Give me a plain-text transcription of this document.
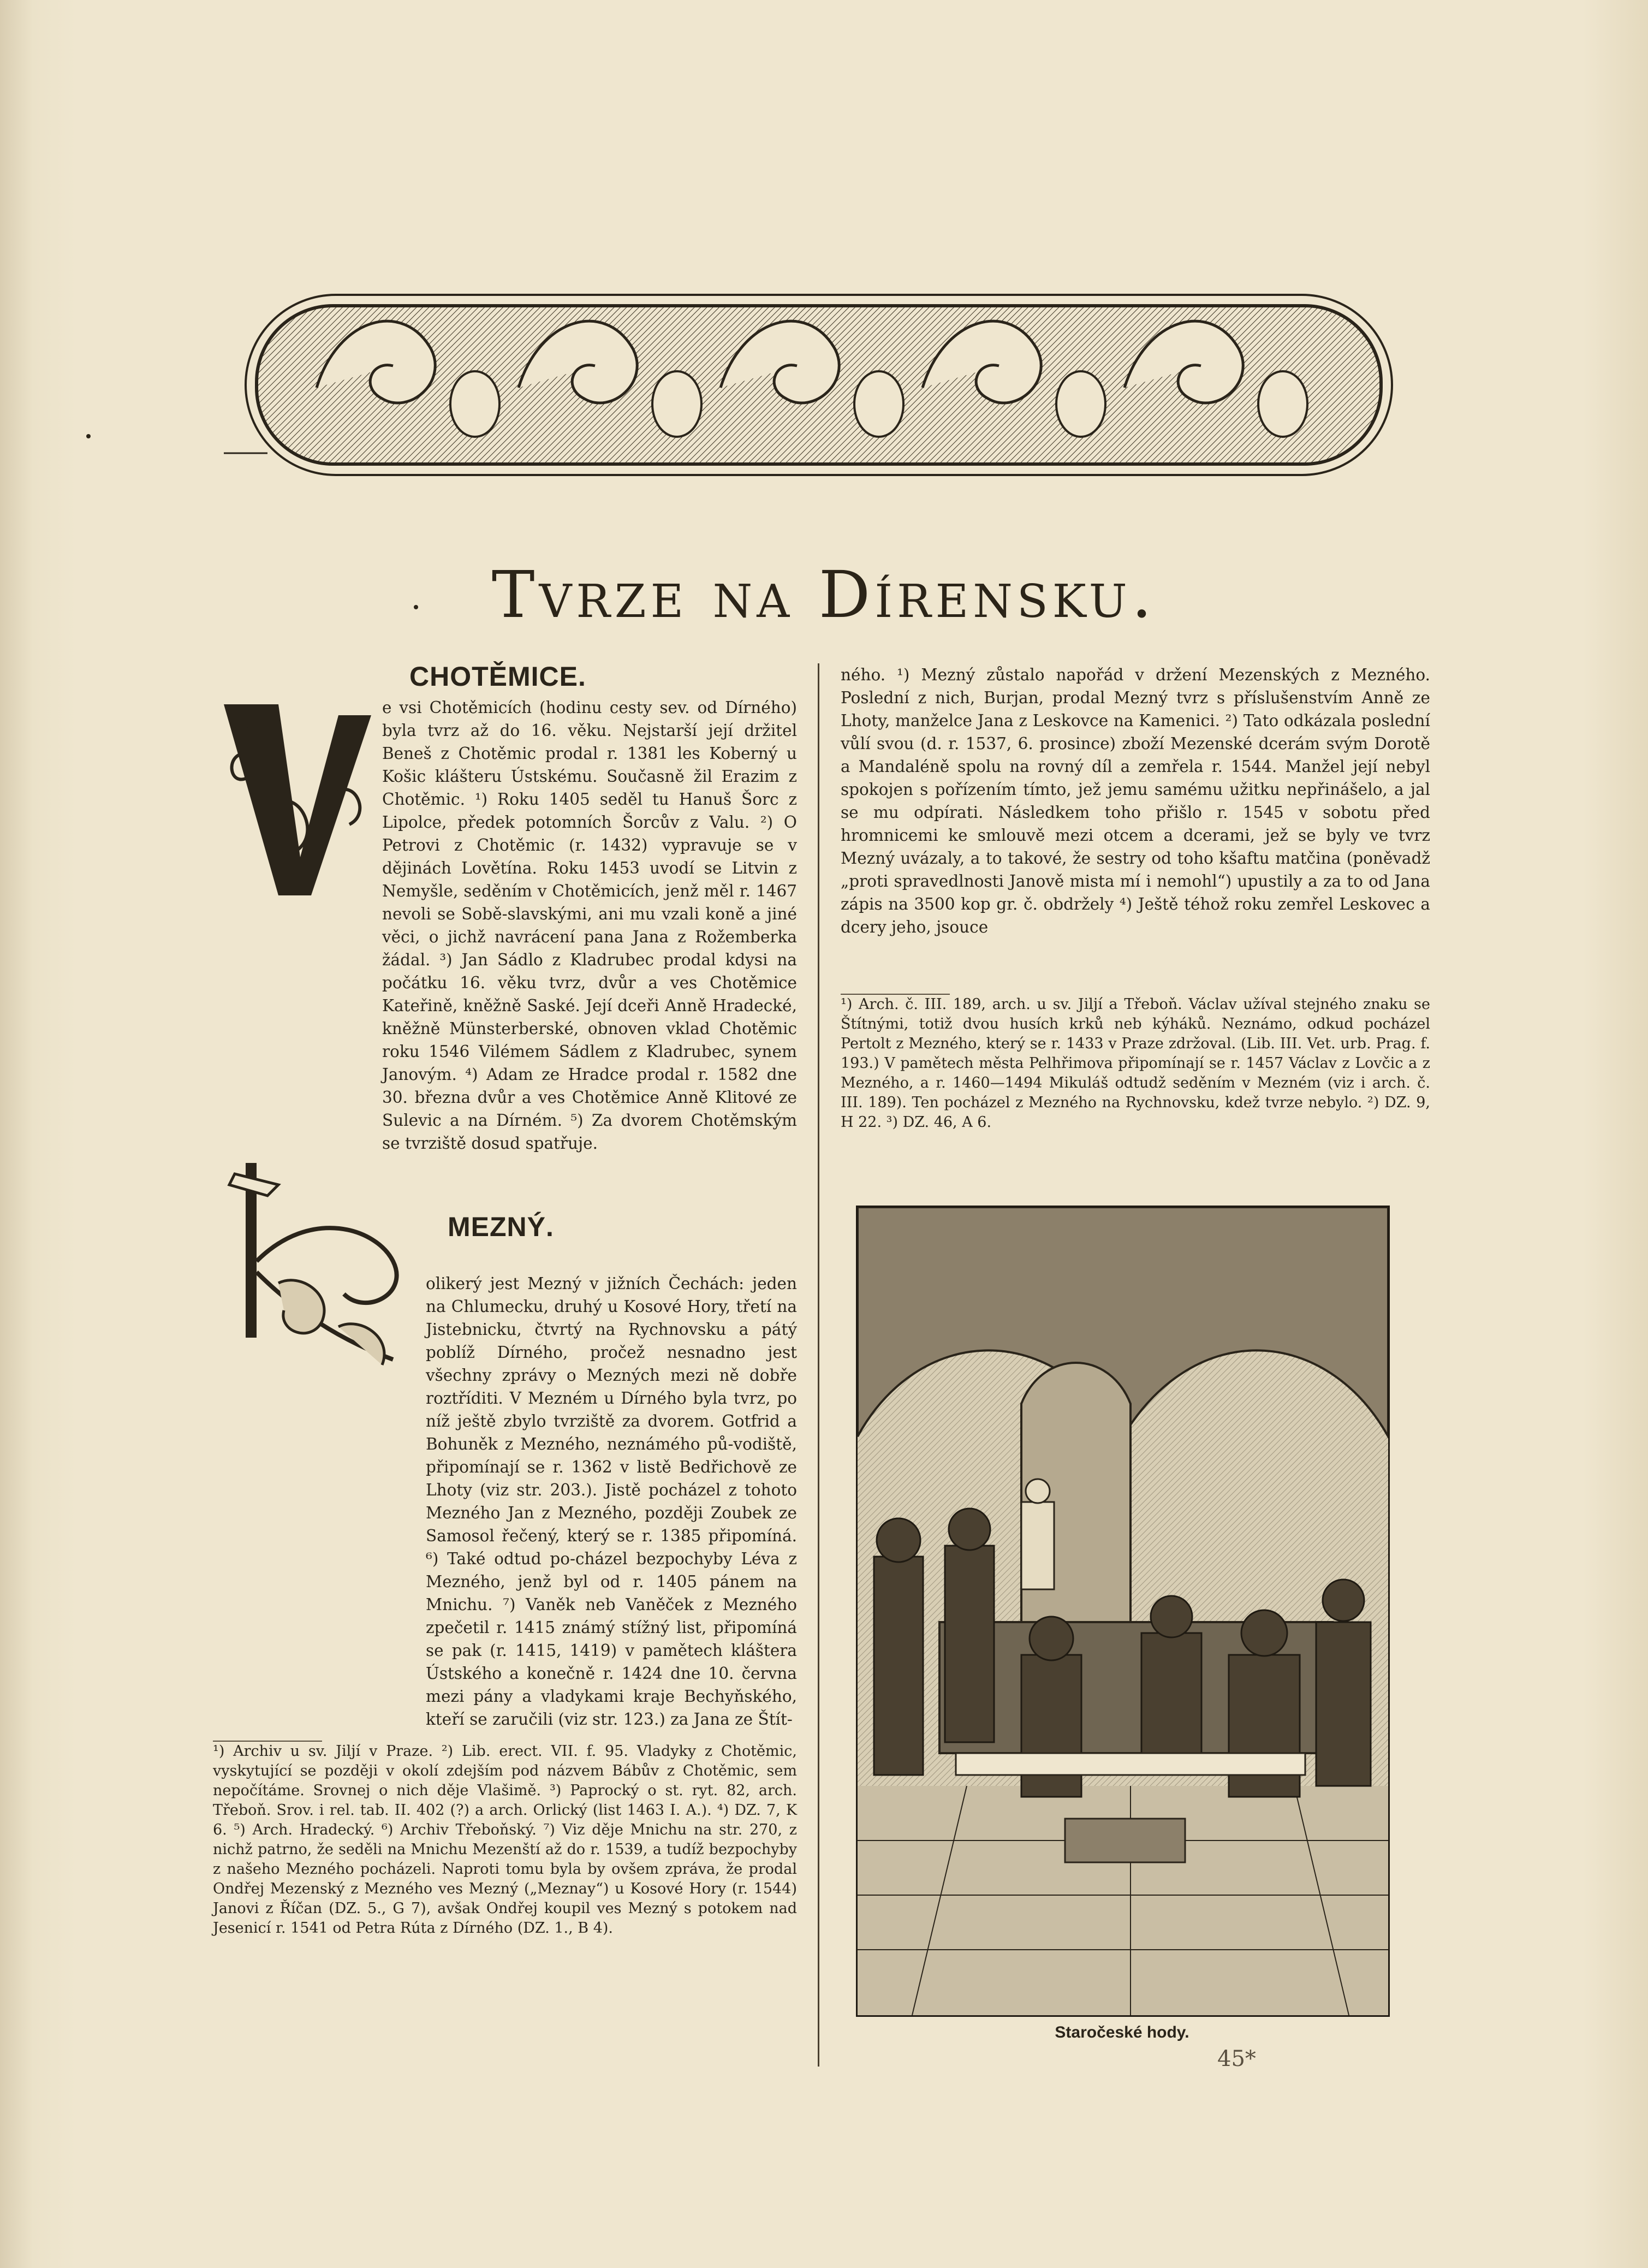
Tvrze na Dírensku.
CHOTĚMICE.
e vsi Chotěmicích (hodinu cesty sev. od Dírného) byla tvrz až do 16. věku. Nejstarší její držitel Beneš z Chotěmic prodal r. 1381 les Koberný u Košic klášteru Ústskému. Současně žil Erazim z Chotěmic. ¹) Roku 1405 seděl tu Hanuš Šorc z Lipolce, předek potomních Šorcův z Valu. ²) O Petrovi z Chotěmic (r. 1432) vypravuje se v dějinách Lovětína. Roku 1453 uvodí se Litvin z Nemyšle, seděním v Chotěmicích, jenž měl r. 1467 nevoli se Sobě-slavskými, ani mu vzali koně a jiné věci, o jichž navrácení pana Jana z Rožemberka žádal. ³) Jan Sádlo z Kladrubec prodal kdysi na počátku 16. věku tvrz, dvůr a ves Chotěmice Kateřině, kněžně Saské. Její dceři Anně Hradecké, kněžně Münsterberské, obnoven vklad Chotěmic roku 1546 Vilémem Sádlem z Kladrubec, synem Janovým. ⁴) Adam ze Hradce prodal r. 1582 dne 30. března dvůr a ves Chotěmice Anně Klitové ze Sulevic a na Dírném. ⁵) Za dvorem Chotěmským se tvrziště dosud spatřuje.
MEZNÝ.
olikerý jest Mezný v jižních Čechách: jeden na Chlumecku, druhý u Kosové Hory, třetí na Jistebnicku, čtvrtý na Rychnovsku a pátý poblíž Dírného, pročež nesnadno jest všechny zprávy o Mezných mezi ně dobře roztříditi. V Mezném u Dírného byla tvrz, po níž ještě zbylo tvrziště za dvorem. Gotfrid a Bohuněk z Mezného, neznámého pů-vodiště, připomínají se r. 1362 v listě Bedřichově ze Lhoty (viz str. 203.). Jistě pocházel z tohoto Mezného Jan z Mezného, později Zoubek ze Samosol řečený, který se r. 1385 připomíná. ⁶) Také odtud po-cházel bezpochyby Léva z Mezného, jenž byl od r. 1405 pánem na Mnichu. ⁷) Vaněk neb Vaněček z Mezného zpečetil r. 1415 známý stížný list, připomíná se pak (r. 1415, 1419) v pamětech kláštera Ústského a konečně r. 1424 dne 10. června mezi pány a vladykami kraje Bechyňského, kteří se zaručili (viz str. 123.) za Jana ze Štít-
¹) Archiv u sv. Jiljí v Praze. ²) Lib. erect. VII. f. 95. Vladyky z Chotěmic, vyskytující se později v okolí zdejším pod názvem Bábův z Chotěmic, sem nepočítáme. Srovnej o nich děje Vlašimě. ³) Paprocký o st. ryt. 82, arch. Třeboň. Srov. i rel. tab. II. 402 (?) a arch. Orlický (list 1463 I. A.). ⁴) DZ. 7, K 6. ⁵) Arch. Hradecký. ⁶) Archiv Třeboňský. ⁷) Viz děje Mnichu na str. 270, z nichž patrno, že seděli na Mnichu Mezenští až do r. 1539, a tudíž bezpochyby z našeho Mezného pocházeli. Naproti tomu byla by ovšem zpráva, že prodal Ondřej Mezenský z Mezného ves Mezný („Meznay“) u Kosové Hory (r. 1544) Janovi z Říčan (DZ. 5., G 7), avšak Ondřej koupil ves Mezný s potokem nad Jesenicí r. 1541 od Petra Rúta z Dírného (DZ. 1., B 4).
ného. ¹) Mezný zůstalo napořád v držení Mezenských z Mezného. Poslední z nich, Burjan, prodal Mezný tvrz s příslušenstvím Anně ze Lhoty, manželce Jana z Leskovce na Kamenici. ²) Tato odkázala poslední vůlí svou (d. r. 1537, 6. prosince) zboží Mezenské dcerám svým Dorotě a Mandaléně spolu na rovný díl a zemřela r. 1544. Manžel její nebyl spokojen s pořízením tímto, jež jemu samému užitku nepřinášelo, a jal se mu odpírati. Následkem toho přišlo r. 1545 v sobotu před hromnicemi ke smlouvě mezi otcem a dcerami, jež se byly ve tvrz Mezný uvázaly, a to takové, že sestry od toho kšaftu matčina (poněvadž „proti spravedlnosti Janově mista mí i nemohl“) upustily a za to od Jana zápis na 3500 kop gr. č. obdržely ⁴) Ještě téhož roku zemřel Leskovec a dcery jeho, jsouce
¹) Arch. č. III. 189, arch. u sv. Jiljí a Třeboň. Václav užíval stejného znaku se Štítnými, totiž dvou husích krků neb kýháků. Neznámo, odkud pocházel Pertolt z Mezného, který se r. 1433 v Praze zdržoval. (Lib. III. Vet. urb. Prag. f. 193.) V pamětech města Pelhřimova připomínají se r. 1457 Václav z Lovčic a z Mezného, a r. 1460—1494 Mikuláš odtudž seděním v Mezném (viz i arch. č. III. 189). Ten pocházel z Mezného na Rychnovsku, kdež tvrze nebylo. ²) DZ. 9, H 22. ³) DZ. 46, A 6.
Staročeské hody.
45*
